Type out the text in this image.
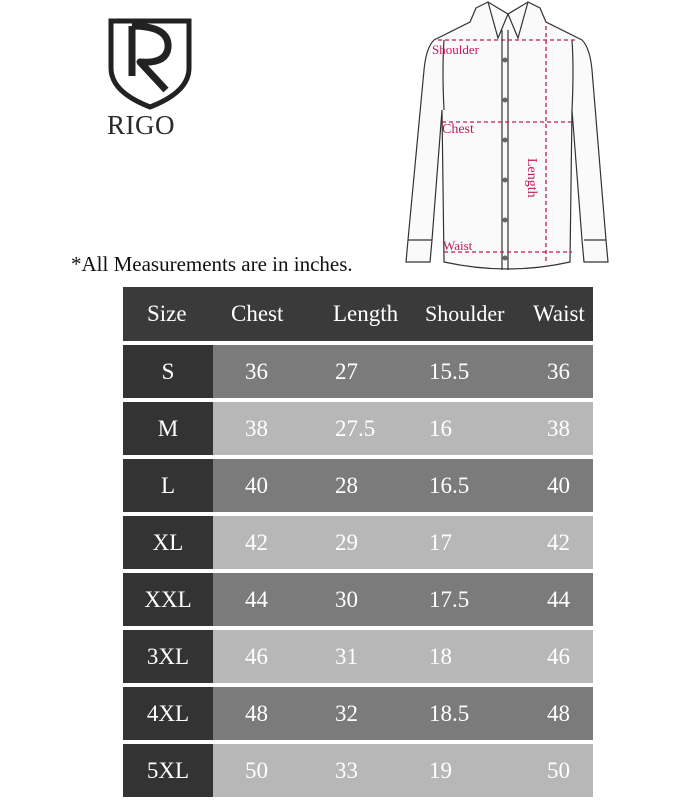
RIGO
Shoulder
Chest
Waist
Length
*All Measurements are in inches.
Size	Chest	Length	Shoulder	Waist
S	36	27	15.5	36
M	38	27.5	16	38
L	40	28	16.5	40
XL	42	29	17	42
XXL	44	30	17.5	44
3XL	46	31	18	46
4XL	48	32	18.5	48
5XL	50	33	19	50
